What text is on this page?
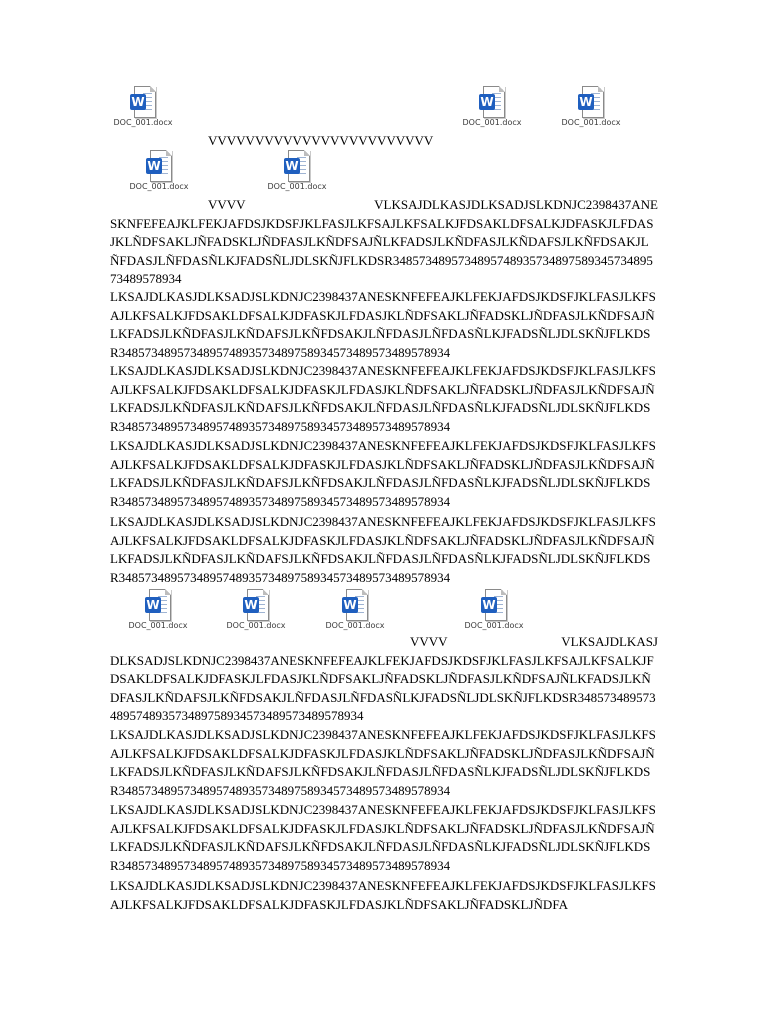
W
DOC_001.docx
W
DOC_001.docx
W
DOC_001.docx
VVVVVVVVVVVVVVVVVVVVVVVV
W
DOC_001.docx
W
DOC_001.docx
VVVV	VLKSAJDLKASJDLKSADJSLKDNJC2398437ANE

SKNFEFEAJKLFEKJAFDSJKDSFJKLFASJLKFSAJLKFSALKJFDSAKLDFSALKJDFASKJLFDASJKLÑDFSAKLJÑFADSKLJÑDFASJLKÑDFSAJÑLKFADSJLKÑDFASJLKÑDAFSJLKÑFDSAKJLÑFDASJLÑFDASÑLKJFADSÑLJDLSKÑJFLKDSR348573489573489574893573489758934573489573489578934

LKSAJDLKASJDLKSADJSLKDNJC2398437ANESKNFEFEAJKLFEKJAFDSJKDSFJKLFASJLKFSAJLKFSALKJFDSAKLDFSALKJDFASKJLFDASJKLÑDFSAKLJÑFADSKLJÑDFASJLKÑDFSAJÑLKFADSJLKÑDFASJLKÑDAFSJLKÑFDSAKJLÑFDASJLÑFDASÑLKJFADSÑLJDLSKÑJFLKDSR348573489573489574893573489758934573489573489578934

LKSAJDLKASJDLKSADJSLKDNJC2398437ANESKNFEFEAJKLFEKJAFDSJKDSFJKLFASJLKFSAJLKFSALKJFDSAKLDFSALKJDFASKJLFDASJKLÑDFSAKLJÑFADSKLJÑDFASJLKÑDFSAJÑLKFADSJLKÑDFASJLKÑDAFSJLKÑFDSAKJLÑFDASJLÑFDASÑLKJFADSÑLJDLSKÑJFLKDSR348573489573489574893573489758934573489573489578934

LKSAJDLKASJDLKSADJSLKDNJC2398437ANESKNFEFEAJKLFEKJAFDSJKDSFJKLFASJLKFSAJLKFSALKJFDSAKLDFSALKJDFASKJLFDASJKLÑDFSAKLJÑFADSKLJÑDFASJLKÑDFSAJÑLKFADSJLKÑDFASJLKÑDAFSJLKÑFDSAKJLÑFDASJLÑFDASÑLKJFADSÑLJDLSKÑJFLKDSR348573489573489574893573489758934573489573489578934

LKSAJDLKASJDLKSADJSLKDNJC2398437ANESKNFEFEAJKLFEKJAFDSJKDSFJKLFASJLKFSAJLKFSALKJFDSAKLDFSALKJDFASKJLFDASJKLÑDFSAKLJÑFADSKLJÑDFASJLKÑDFSAJÑLKFADSJLKÑDFASJLKÑDAFSJLKÑFDSAKJLÑFDASJLÑFDASÑLKJFADSÑLJDLSKÑJFLKDSR348573489573489574893573489758934573489573489578934

W
DOC_001.docx
W
DOC_001.docx
W
DOC_001.docx
W
DOC_001.docx
VVVV	VLKSAJDLKASJ

DLKSADJSLKDNJC2398437ANESKNFEFEAJKLFEKJAFDSJKDSFJKLFASJLKFSAJLKFSALKJFDSAKLDFSALKJDFASKJLFDASJKLÑDFSAKLJÑFADSKLJÑDFASJLKÑDFSAJÑLKFADSJLKÑDFASJLKÑDAFSJLKÑFDSAKJLÑFDASJLÑFDASÑLKJFADSÑLJDLSKÑJFLKDSR348573489573489574893573489758934573489573489578934

LKSAJDLKASJDLKSADJSLKDNJC2398437ANESKNFEFEAJKLFEKJAFDSJKDSFJKLFASJLKFSAJLKFSALKJFDSAKLDFSALKJDFASKJLFDASJKLÑDFSAKLJÑFADSKLJÑDFASJLKÑDFSAJÑLKFADSJLKÑDFASJLKÑDAFSJLKÑFDSAKJLÑFDASJLÑFDASÑLKJFADSÑLJDLSKÑJFLKDSR348573489573489574893573489758934573489573489578934

LKSAJDLKASJDLKSADJSLKDNJC2398437ANESKNFEFEAJKLFEKJAFDSJKDSFJKLFASJLKFSAJLKFSALKJFDSAKLDFSALKJDFASKJLFDASJKLÑDFSAKLJÑFADSKLJÑDFASJLKÑDFSAJÑLKFADSJLKÑDFASJLKÑDAFSJLKÑFDSAKJLÑFDASJLÑFDASÑLKJFADSÑLJDLSKÑJFLKDSR348573489573489574893573489758934573489573489578934

LKSAJDLKASJDLKSADJSLKDNJC2398437ANESKNFEFEAJKLFEKJAFDSJKDSFJKLFASJLKFSAJLKFSALKJFDSAKLDFSALKJDFASKJLFDASJKLÑDFSAKLJÑFADSKLJÑDFA
